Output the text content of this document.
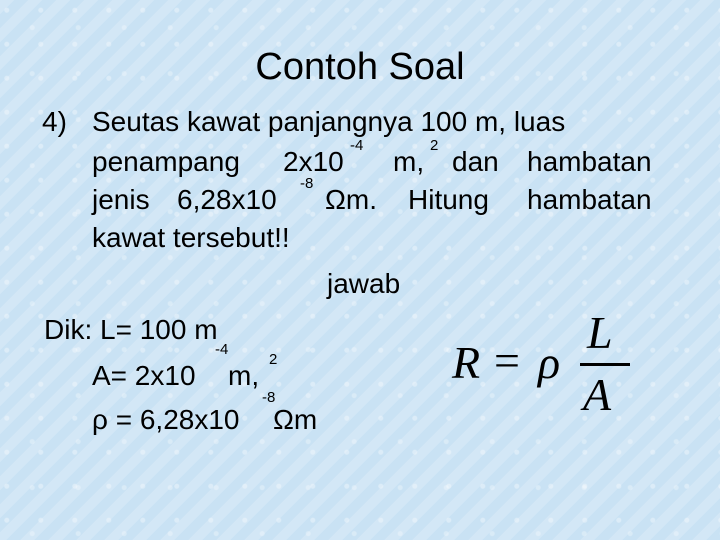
Contoh Soal
4) Seutas kawat panjangnya 100 m, luas
penampang 2x10
-4
m,
2
dan hambatan
jenis 6,28x10
-8
Ωm. Hitung hambatan
kawat tersebut!!
jawab
Dik: L= 100 m
A= 2x10
-4
m,
2
ρ = 6,28x10
-8
Ωm
R = ρ
L
A
